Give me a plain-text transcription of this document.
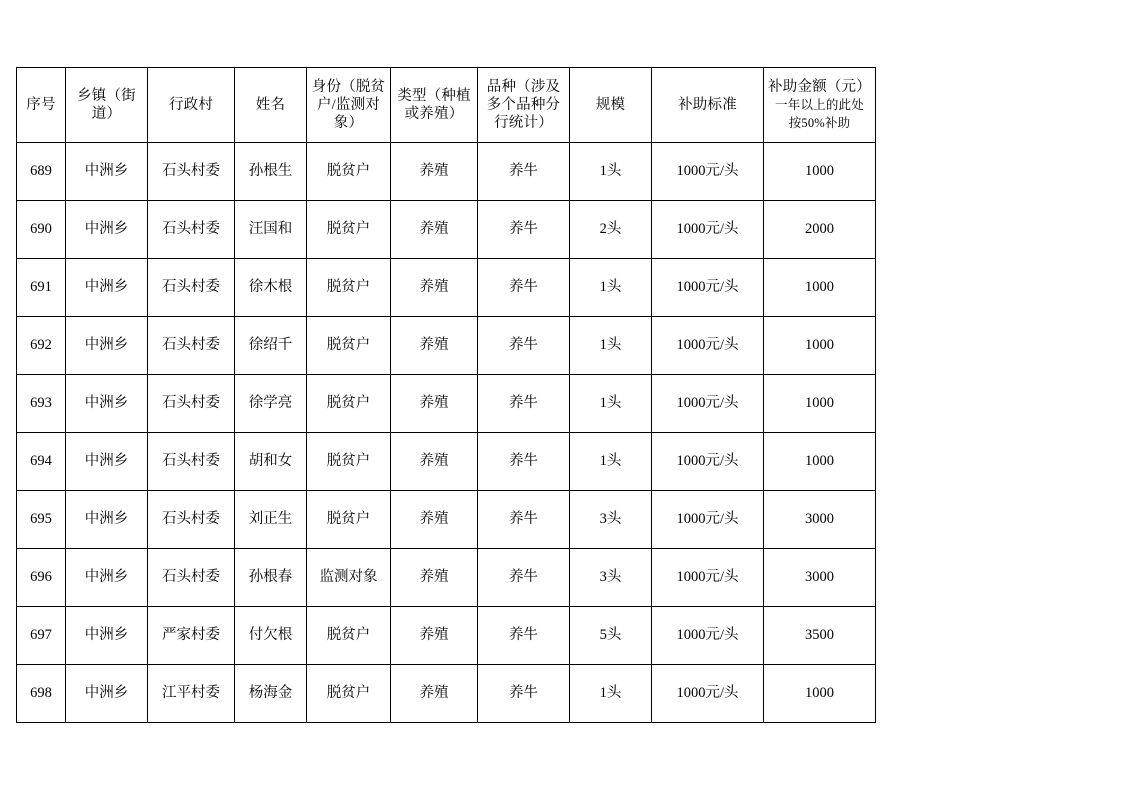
序号	乡镇（街道）	行政村	姓名	身份（脱贫户/监测对象）	类型（种植或养殖）	品种（涉及多个品种分行统计）	规模	补助标准	补助金额（元）
一年以上的此处
按50%补助
689	中洲乡	石头村委	孙根生	脱贫户	养殖	养牛	1头	1000元/头	1000
690	中洲乡	石头村委	汪国和	脱贫户	养殖	养牛	2头	1000元/头	2000
691	中洲乡	石头村委	徐木根	脱贫户	养殖	养牛	1头	1000元/头	1000
692	中洲乡	石头村委	徐绍千	脱贫户	养殖	养牛	1头	1000元/头	1000
693	中洲乡	石头村委	徐学亮	脱贫户	养殖	养牛	1头	1000元/头	1000
694	中洲乡	石头村委	胡和女	脱贫户	养殖	养牛	1头	1000元/头	1000
695	中洲乡	石头村委	刘正生	脱贫户	养殖	养牛	3头	1000元/头	3000
696	中洲乡	石头村委	孙根春	监测对象	养殖	养牛	3头	1000元/头	3000
697	中洲乡	严家村委	付欠根	脱贫户	养殖	养牛	5头	1000元/头	3500
698	中洲乡	江平村委	杨海金	脱贫户	养殖	养牛	1头	1000元/头	1000
